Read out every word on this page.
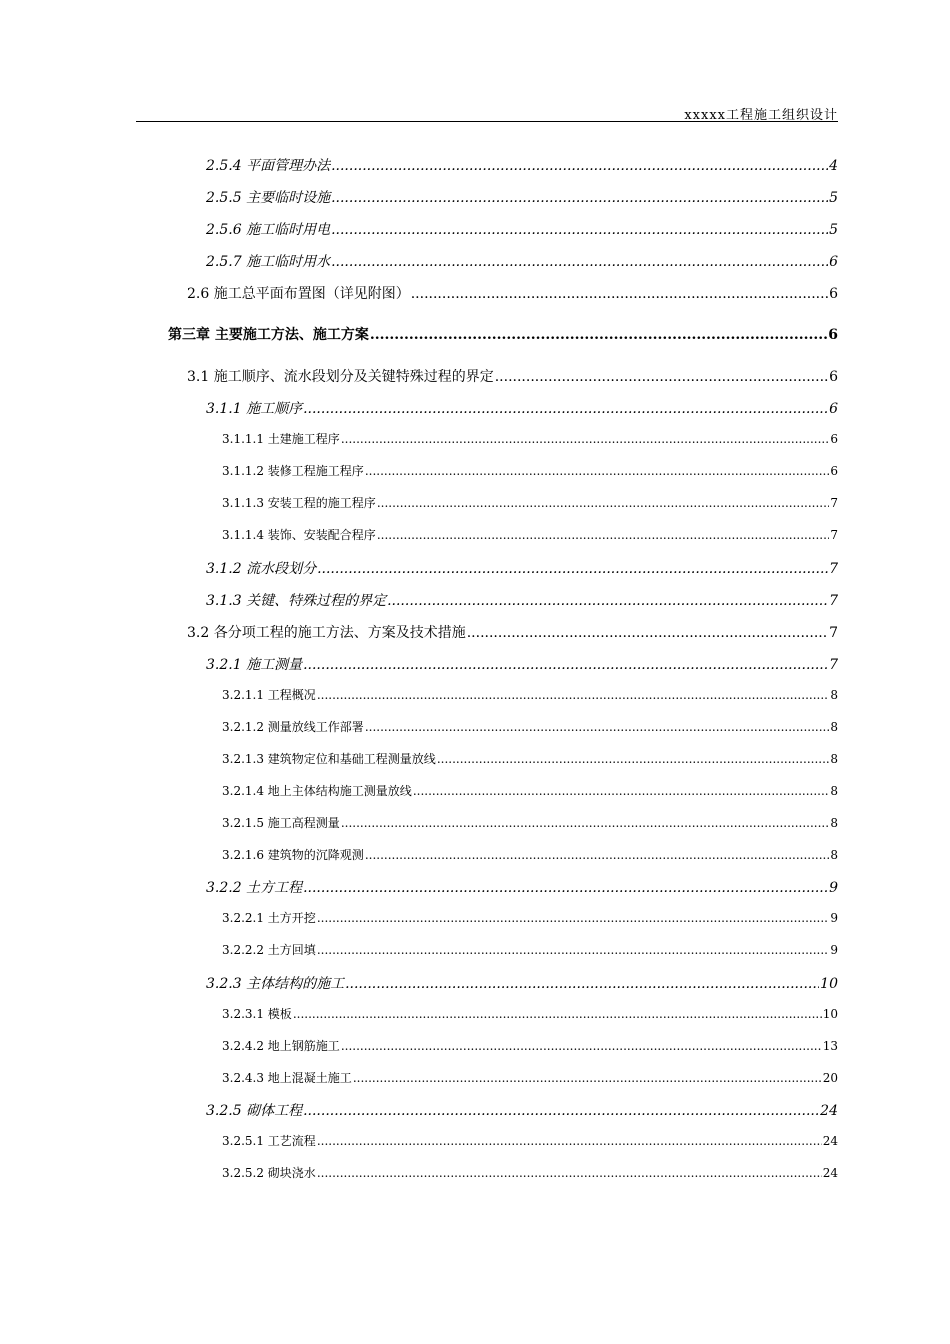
xxxxx工程施工组织设计
2.5.4 平面管理办法 .....	4
2.5.5 主要临时设施 .....	5
2.5.6 施工临时用电 .....	5
2.5.7 施工临时用水 .....	6
2.6 施工总平面布置图（详见附图） .....	6
第三章 主要施工方法、施工方案 .....	6
3.1 施工顺序、流水段划分及关键特殊过程的界定 .....	6
3.1.1 施工顺序 .....	6
3.1.1.1 土建施工程序 .....	6
3.1.1.2 装修工程施工程序 .....	6
3.1.1.3 安装工程的施工程序 .....	7
3.1.1.4 装饰、安装配合程序 .....	7
3.1.2 流水段划分 .....	7
3.1.3 关键、特殊过程的界定 .....	7
3.2 各分项工程的施工方法、方案及技术措施 .....	7
3.2.1 施工测量 .....	7
3.2.1.1 工程概况 .....	8
3.2.1.2 测量放线工作部署 .....	8
3.2.1.3 建筑物定位和基础工程测量放线 .....	8
3.2.1.4 地上主体结构施工测量放线 .....	8
3.2.1.5 施工高程测量 .....	8
3.2.1.6 建筑物的沉降观测 .....	8
3.2.2 土方工程 .....	9
3.2.2.1 土方开挖 .....	9
3.2.2.2 土方回填 .....	9
3.2.3 主体结构的施工 .....	10
3.2.3.1 模板 .....	10
3.2.4.2 地上钢筋施工 .....	13
3.2.4.3 地上混凝土施工 .....	20
3.2.5 砌体工程 .....	24
3.2.5.1 工艺流程 .....	24
3.2.5.2 砌块浇水 .....	24
